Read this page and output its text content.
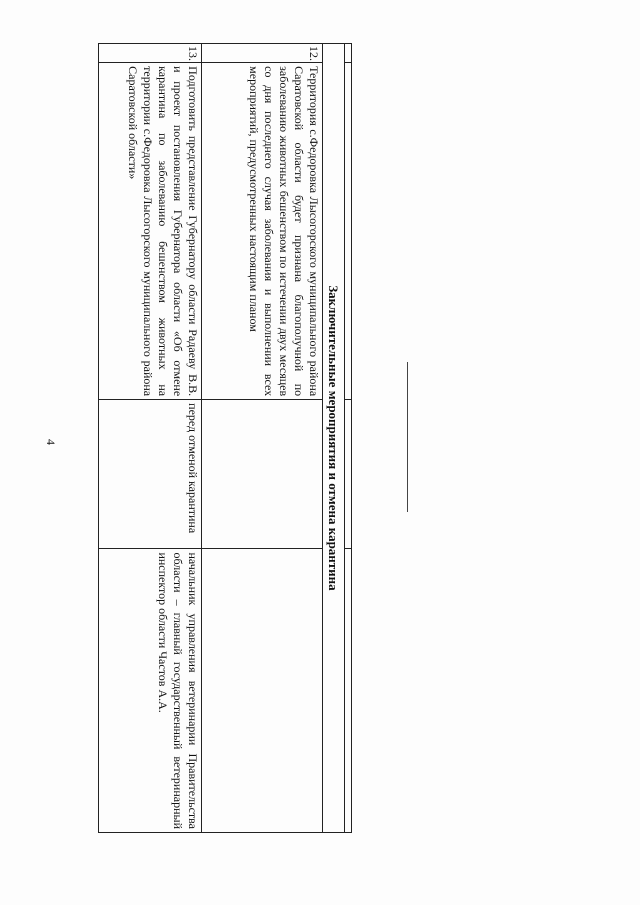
4
				Заключительные мероприятия и отмена карантина			
12.	Территория с.Федоровка Лысогорского муниципального района Саратовской области будет признана благополучной по заболеванию животных бешенством по истечении двух месяцев со дня последнего случая заболевания и выполнении всех мероприятий, предусмотренных настоящим планом		
13.	Подготовить представление Губернатору области Радаеву В.В. и проект постановления Губернатора области «Об отмене карантина по заболеванию бешенством животных на территории с.Федоровка Лысогорского муниципального района Саратовской области»	перед отменой карантина	начальник управления ветеринарии Правительства области – главный государственный ветеринарный инспектор области Частов А.А.
